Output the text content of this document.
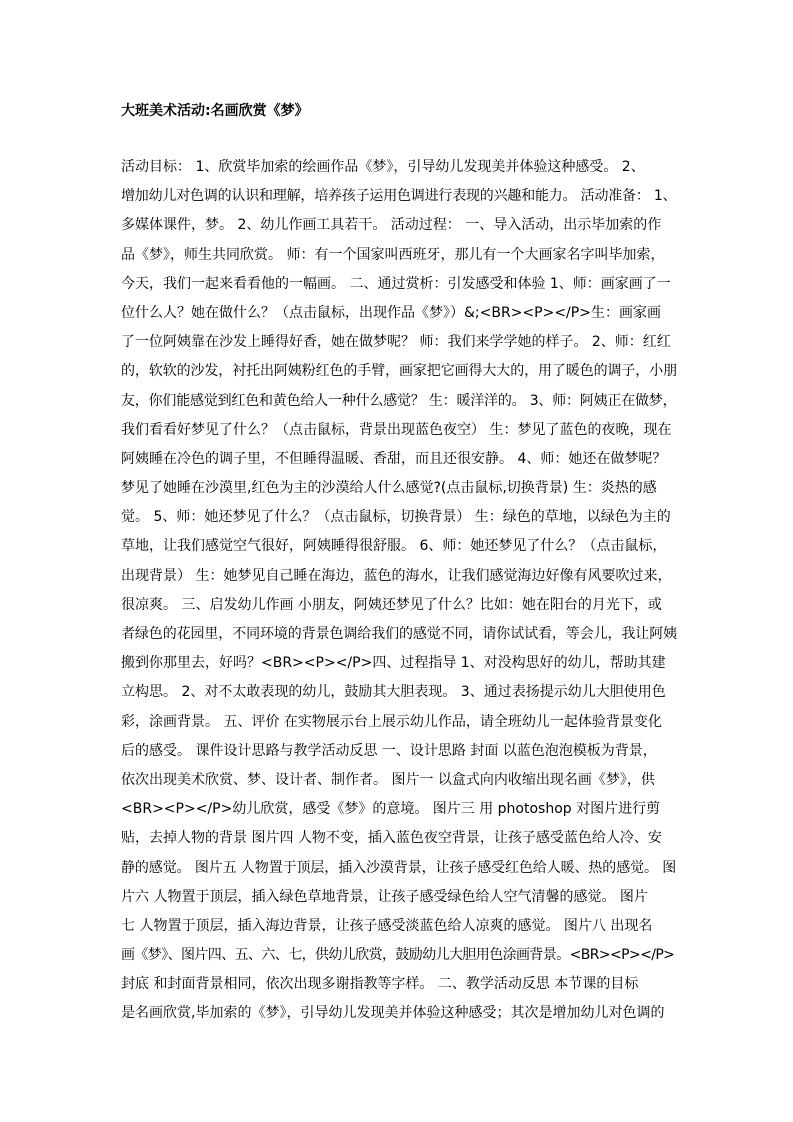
大班美术活动:名画欣赏《梦》
活动目标： 1、欣赏毕加索的绘画作品《梦》，引导幼儿发现美并体验这种感受。 2、
增加幼儿对色调的认识和理解，培养孩子运用色调进行表现的兴趣和能力。 活动准备： 1、
多媒体课件，梦。 2、幼儿作画工具若干。 活动过程： 一、导入活动，出示毕加索的作
品《梦》，师生共同欣赏。 师：有一个国家叫西班牙，那儿有一个大画家名字叫毕加索，
今天，我们一起来看看他的一幅画。 二、通过赏析：引发感受和体验 1、师：画家画了一
位什么人？她在做什么？（点击鼠标，出现作品《梦》）&;<BR><P></P>生：画家画
了一位阿姨靠在沙发上睡得好香，她在做梦呢？ 师：我们来学学她的样子。 2、师：红红
的，软软的沙发，衬托出阿姨粉红色的手臂，画家把它画得大大的，用了暖色的调子，小朋
友，你们能感觉到红色和黄色给人一种什么感觉？ 生：暖洋洋的。 3、师：阿姨正在做梦，
我们看看好梦见了什么？（点击鼠标，背景出现蓝色夜空） 生：梦见了蓝色的夜晚，现在
阿姨睡在冷色的调子里，不但睡得温暖、香甜，而且还很安静。 4、师：她还在做梦呢？
梦见了她睡在沙漠里,红色为主的沙漠给人什么感觉?(点击鼠标,切换背景) 生：炎热的感
觉。 5、师：她还梦见了什么？（点击鼠标，切换背景） 生：绿色的草地，以绿色为主的
草地，让我们感觉空气很好，阿姨睡得很舒服。 6、师：她还梦见了什么？（点击鼠标，
出现背景） 生：她梦见自己睡在海边，蓝色的海水，让我们感觉海边好像有风要吹过来，
很凉爽。 三、启发幼儿作画 小朋友，阿姨还梦见了什么？比如：她在阳台的月光下，或
者绿色的花园里，不同环境的背景色调给我们的感觉不同，请你试试看，等会儿，我让阿姨
搬到你那里去，好吗？<BR><P></P>四、过程指导 1、对没构思好的幼儿，帮助其建
立构思。 2、对不太敢表现的幼儿，鼓励其大胆表现。 3、通过表扬提示幼儿大胆使用色
彩，涂画背景。 五、评价 在实物展示台上展示幼儿作品，请全班幼儿一起体验背景变化
后的感受。 课件设计思路与教学活动反思 一、设计思路 封面 以蓝色泡泡模板为背景，
依次出现美术欣赏、梦、设计者、制作者。 图片一 以盒式向内收缩出现名画《梦》，供
<BR><P></P>幼儿欣赏，感受《梦》的意境。 图片三 用 photoshop 对图片进行剪
贴，去掉人物的背景 图片四 人物不变，插入蓝色夜空背景，让孩子感受蓝色给人冷、安
静的感觉。 图片五 人物置于顶层，插入沙漠背景，让孩子感受红色给人暖、热的感觉。 图
片六 人物置于顶层，插入绿色草地背景，让孩子感受绿色给人空气清馨的感觉。 图片
七 人物置于顶层，插入海边背景，让孩子感受淡蓝色给人凉爽的感觉。 图片八 出现名
画《梦》、图片四、五、六、七，供幼儿欣赏，鼓励幼儿大胆用色涂画背景。<BR><P></P>
封底 和封面背景相同，依次出现多谢指教等字样。 二、教学活动反思 本节课的目标
是名画欣赏,毕加索的《梦》，引导幼儿发现美并体验这种感受；其次是增加幼儿对色调的
